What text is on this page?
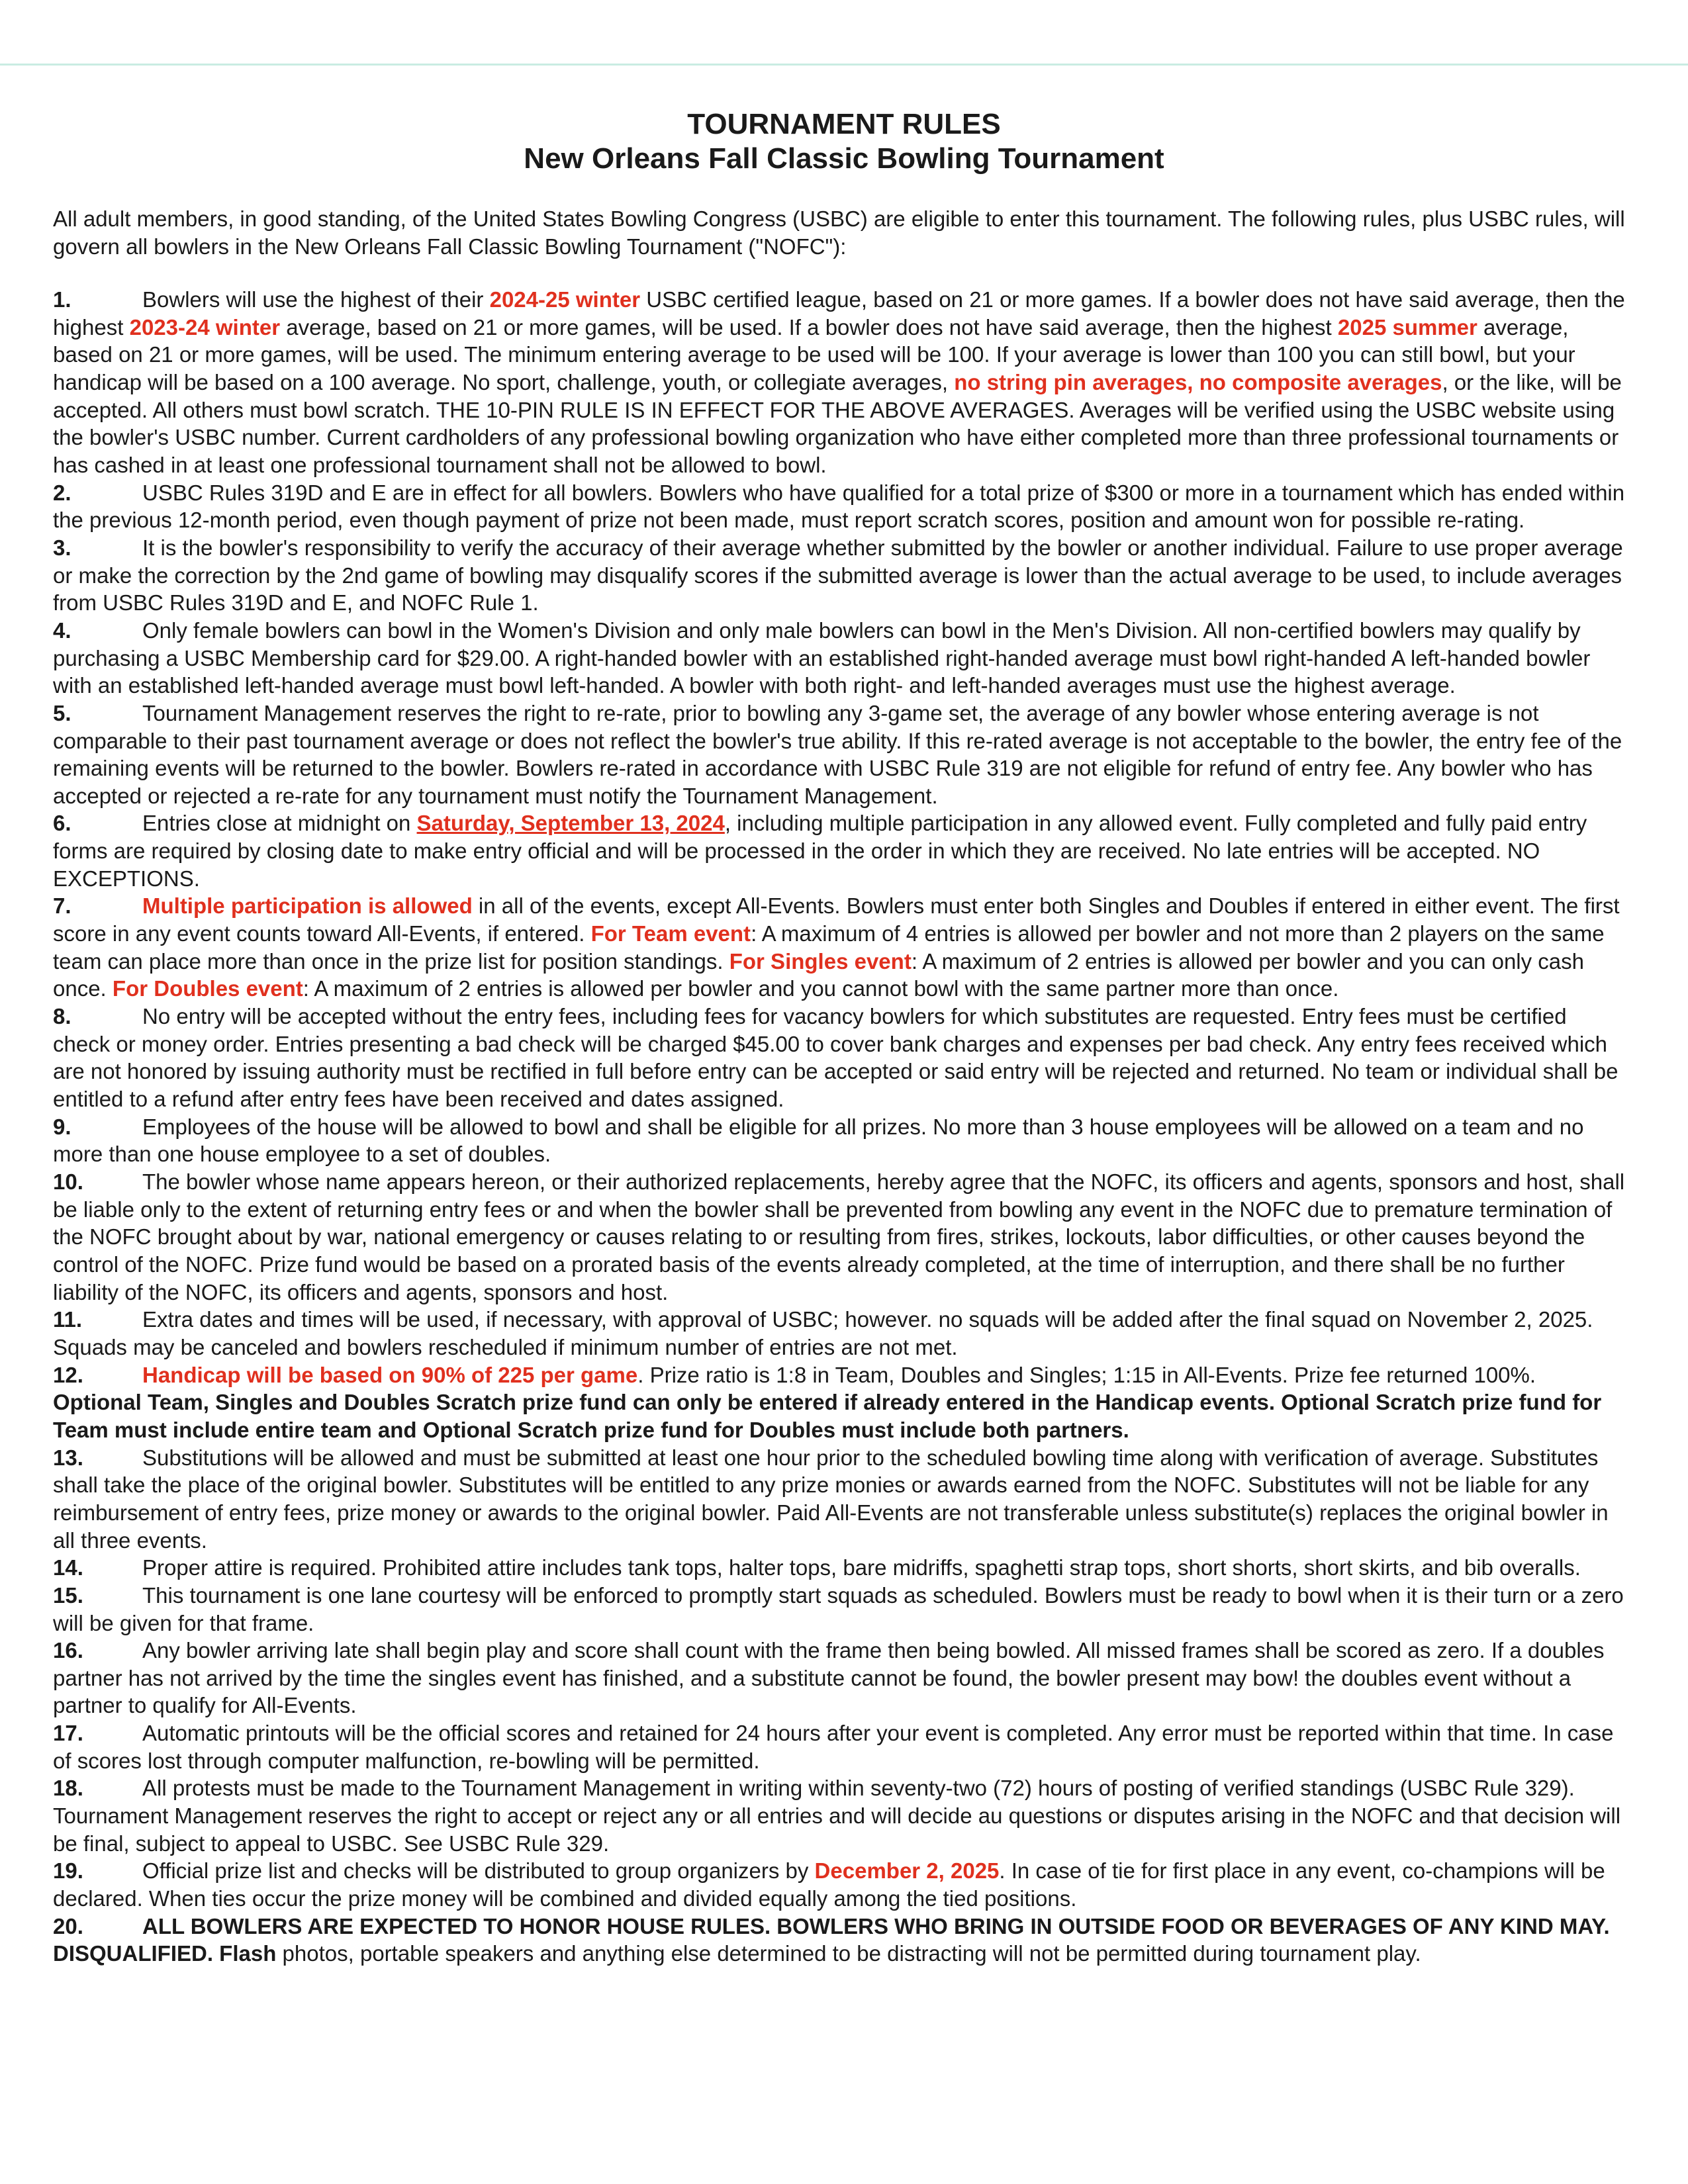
TOURNAMENT RULES
New Orleans Fall Classic Bowling Tournament
All adult members, in good standing, of the United States Bowling Congress (USBC) are eligible to enter this tournament. The following rules, plus USBC rules, will govern all bowlers in the New Orleans Fall Classic Bowling Tournament ("NOFC"):

1.	Bowlers will use the highest of their 2024-25 winter USBC certified league, based on 21 or more games. If a bowler does not have said average, then the highest 2023-24 winter average, based on 21 or more games, will be used. If a bowler does not have said average, then the highest 2025 summer average, based on 21 or more games, will be used. The minimum entering average to be used will be 100. If your average is lower than 100 you can still bowl, but your handicap will be based on a 100 average. No sport, challenge, youth, or collegiate averages, no string pin averages, no composite averages, or the like, will be accepted. All others must bowl scratch. THE 10-PIN RULE IS IN EFFECT FOR THE ABOVE AVERAGES. Averages will be verified using the USBC website using the bowler's USBC number. Current cardholders of any professional bowling organization who have either completed more than three professional tournaments or has cashed in at least one professional tournament shall not be allowed to bowl.

2.	USBC Rules 319D and E are in effect for all bowlers. Bowlers who have qualified for a total prize of $300 or more in a tournament which has ended within the previous 12-month period, even though payment of prize not been made, must report scratch scores, position and amount won for possible re-rating.

3.	It is the bowler's responsibility to verify the accuracy of their average whether submitted by the bowler or another individual. Failure to use proper average or make the correction by the 2nd game of bowling may disqualify scores if the submitted average is lower than the actual average to be used, to include averages from USBC Rules 319D and E, and NOFC Rule 1.

4.	Only female bowlers can bowl in the Women's Division and only male bowlers can bowl in the Men's Division. All non-certified bowlers may qualify by purchasing a USBC Membership card for $29.00. A right-handed bowler with an established right-handed average must bowl right-handed A left-handed bowler with an established left-handed average must bowl left-handed. A bowler with both right- and left-handed averages must use the highest average.

5.	Tournament Management reserves the right to re-rate, prior to bowling any 3-game set, the average of any bowler whose entering average is not comparable to their past tournament average or does not reflect the bowler's true ability. If this re-rated average is not acceptable to the bowler, the entry fee of the remaining events will be returned to the bowler. Bowlers re-rated in accordance with USBC Rule 319 are not eligible for refund of entry fee. Any bowler who has accepted or rejected a re-rate for any tournament must notify the Tournament Management.

6.	Entries close at midnight on Saturday, September 13, 2024, including multiple participation in any allowed event. Fully completed and fully paid entry forms are required by closing date to make entry official and will be processed in the order in which they are received. No late entries will be accepted. NO EXCEPTIONS.

7.	Multiple participation is allowed in all of the events, except All-Events. Bowlers must enter both Singles and Doubles if entered in either event. The first score in any event counts toward All-Events, if entered. For Team event: A maximum of 4 entries is allowed per bowler and not more than 2 players on the same team can place more than once in the prize list for position standings. For Singles event: A maximum of 2 entries is allowed per bowler and you can only cash once. For Doubles event: A maximum of 2 entries is allowed per bowler and you cannot bowl with the same partner more than once.

8.	No entry will be accepted without the entry fees, including fees for vacancy bowlers for which substitutes are requested. Entry fees must be certified check or money order. Entries presenting a bad check will be charged $45.00 to cover bank charges and expenses per bad check. Any entry fees received which are not honored by issuing authority must be rectified in full before entry can be accepted or said entry will be rejected and returned. No team or individual shall be entitled to a refund after entry fees have been received and dates assigned.

9.	Employees of the house will be allowed to bowl and shall be eligible for all prizes. No more than 3 house employees will be allowed on a team and no more than one house employee to a set of doubles.

10.	The bowler whose name appears hereon, or their authorized replacements, hereby agree that the NOFC, its officers and agents, sponsors and host, shall be liable only to the extent of returning entry fees or and when the bowler shall be prevented from bowling any event in the NOFC due to premature termination of the NOFC brought about by war, national emergency or causes relating to or resulting from fires, strikes, lockouts, labor difficulties, or other causes beyond the control of the NOFC. Prize fund would be based on a prorated basis of the events already completed, at the time of interruption, and there shall be no further liability of the NOFC, its officers and agents, sponsors and host.

11.	Extra dates and times will be used, if necessary, with approval of USBC; however. no squads will be added after the final squad on November 2, 2025. Squads may be canceled and bowlers rescheduled if minimum number of entries are not met.

12.	Handicap will be based on 90% of 225 per game. Prize ratio is 1:8 in Team, Doubles and Singles; 1:15 in All-Events. Prize fee returned 100%. Optional Team, Singles and Doubles Scratch prize fund can only be entered if already entered in the Handicap events. Optional Scratch prize fund for Team must include entire team and Optional Scratch prize fund for Doubles must include both partners.

13.	Substitutions will be allowed and must be submitted at least one hour prior to the scheduled bowling time along with verification of average. Substitutes shall take the place of the original bowler. Substitutes will be entitled to any prize monies or awards earned from the NOFC. Substitutes will not be liable for any reimbursement of entry fees, prize money or awards to the original bowler. Paid All-Events are not transferable unless substitute(s) replaces the original bowler in all three events.

14.	Proper attire is required. Prohibited attire includes tank tops, halter tops, bare midriffs, spaghetti strap tops, short shorts, short skirts, and bib overalls.

15.	This tournament is one lane courtesy will be enforced to promptly start squads as scheduled. Bowlers must be ready to bowl when it is their turn or a zero will be given for that frame.

16.	Any bowler arriving late shall begin play and score shall count with the frame then being bowled. All missed frames shall be scored as zero. If a doubles partner has not arrived by the time the singles event has finished, and a substitute cannot be found, the bowler present may bow! the doubles event without a partner to qualify for All-Events.

17.	Automatic printouts will be the official scores and retained for 24 hours after your event is completed. Any error must be reported within that time. In case of scores lost through computer malfunction, re-bowling will be permitted.

18.	All protests must be made to the Tournament Management in writing within seventy-two (72) hours of posting of verified standings (USBC Rule 329). Tournament Management reserves the right to accept or reject any or all entries and will decide au questions or disputes arising in the NOFC and that decision will be final, subject to appeal to USBC. See USBC Rule 329.

19.	Official prize list and checks will be distributed to group organizers by December 2, 2025. In case of tie for first place in any event, co-champions will be declared. When ties occur the prize money will be combined and divided equally among the tied positions.

20.	ALL BOWLERS ARE EXPECTED TO HONOR HOUSE RULES. BOWLERS WHO BRING IN OUTSIDE FOOD OR BEVERAGES OF ANY KIND MAY. DISQUALIFIED. Flash photos, portable speakers and anything else determined to be distracting will not be permitted during tournament play.
